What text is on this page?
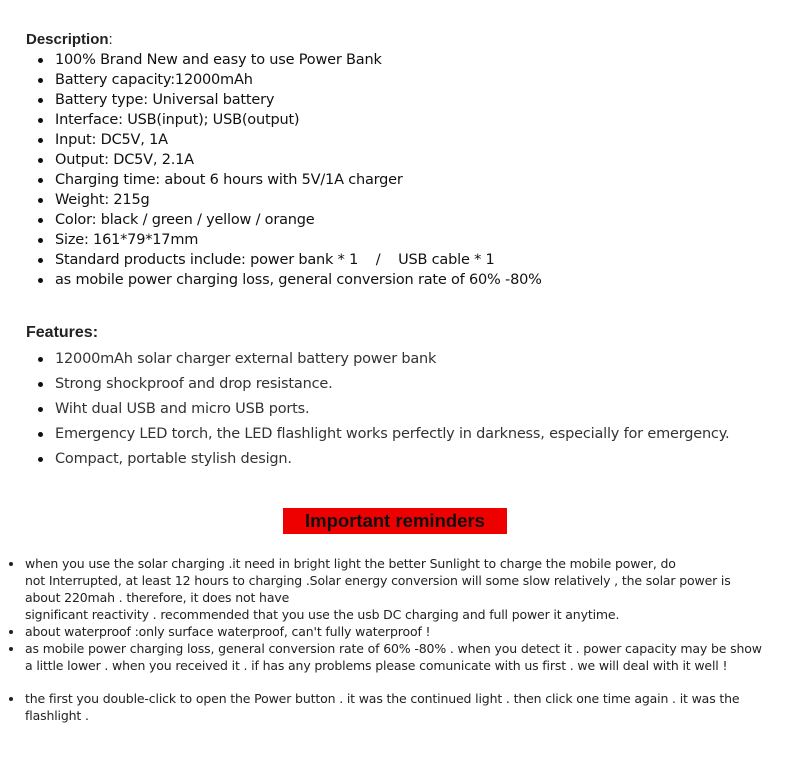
Description:
100% Brand New and easy to use Power Bank
Battery capacity:12000mAh
Battery type: Universal battery
Interface: USB(input); USB(output)
Input: DC5V, 1A
Output: DC5V, 2.1A
Charging time: about 6 hours with 5V/1A charger
Weight: 215g
Color: black / green / yellow / orange
Size: 161*79*17mm
Standard products include: power bank * 1    /    USB cable * 1
as mobile power charging loss, general conversion rate of 60% -80%
Features:
12000mAh solar charger external battery power bank
Strong shockproof and drop resistance.
Wiht dual USB and micro USB ports.
Emergency LED torch, the LED flashlight works perfectly in darkness, especially for emergency.
Compact, portable stylish design.
Important reminders
when you use the solar charging .it need in bright light the better Sunlight to charge the mobile power, do
not Interrupted, at least 12 hours to charging .Solar energy conversion will some slow relatively , the solar power is
about 220mah . therefore, it does not have
significant reactivity . recommended that you use the usb DC charging and full power it anytime.
about waterproof :only surface waterproof, can't fully waterproof !
as mobile power charging loss, general conversion rate of 60% -80% . when you detect it . power capacity may be show
a little lower . when you received it . if has any problems please comunicate with us first . we will deal with it well !
the first you double-click to open the Power button . it was the continued light . then click one time again . it was the
flashlight .
